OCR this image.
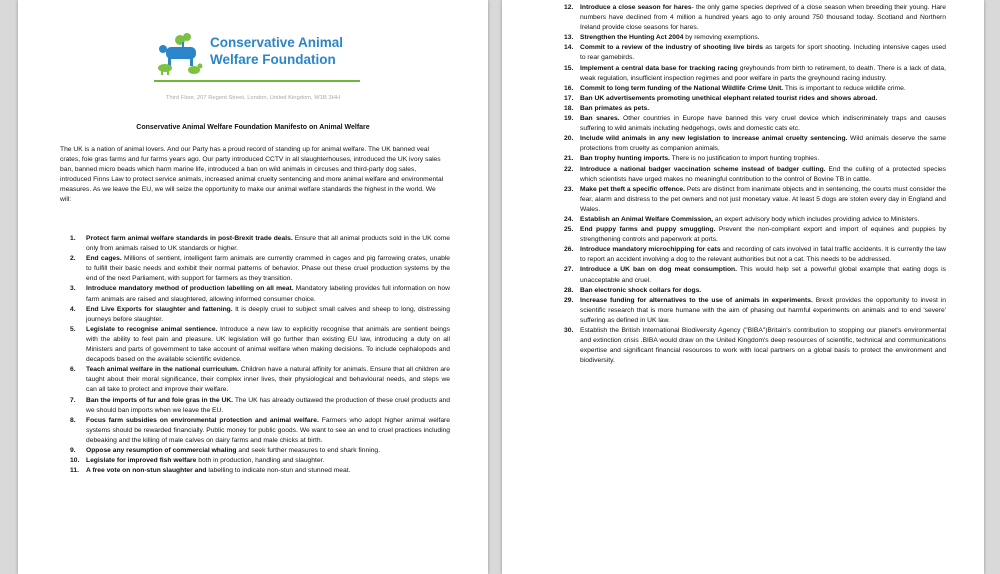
Conservative Animal
Welfare Foundation
Third Floor, 207 Regent Street, London, United Kingdom, W1B 3HH
Conservative Animal Welfare Foundation Manifesto on Animal Welfare
The UK is a nation of animal lovers. And our Party has a proud record of standing up for animal welfare. The UK banned veal crates, foie gras farms and fur farms years ago. Our party introduced CCTV in all slaughterhouses, introduced the UK ivory sales ban, banned micro beads which harm marine life, introduced a ban on wild animals in circuses and third-party dog sales, introduced Finns Law to protect service animals, increased animal cruelty sentencing and more animal welfare and environmental measures. As we leave the EU, we will seize the opportunity to make our animal welfare standards the highest in the world. We will:
1. Protect farm animal welfare standards in post-Brexit trade deals. Ensure that all animal products sold in the UK come only from animals raised to UK standards or higher.
2. End cages. Millions of sentient, intelligent farm animals are currently crammed in cages and pig farrowing crates, unable to fulfill their basic needs and exhibit their normal patterns of behavior. Phase out these cruel production systems by the end of the next Parliament, with support for farmers as they transition.
3. Introduce mandatory method of production labelling on all meat. Mandatory labeling provides full information on how farm animals are raised and slaughtered, allowing informed consumer choice.
4. End Live Exports for slaughter and fattening. It is deeply cruel to subject small calves and sheep to long, distressing journeys before slaughter.
5. Legislate to recognise animal sentience. Introduce a new law to explicitly recognise that animals are sentient beings with the ability to feel pain and pleasure. UK legislation will go further than existing EU law, introducing a duty on all Ministers and parts of government to take account of animal welfare when making decisions. To include cephalopods and decapods based on the available scientific evidence.
6. Teach animal welfare in the national curriculum. Children have a natural affinity for animals. Ensure that all children are taught about their moral significance, their complex inner lives, their physiological and behavioural needs, and steps we can all take to protect and improve their welfare.
7. Ban the imports of fur and foie gras in the UK. The UK has already outlawed the production of these cruel products and we should ban imports when we leave the EU.
8. Focus farm subsidies on environmental protection and animal welfare. Farmers who adopt higher animal welfare systems should be rewarded financially. Public money for public goods. We want to see an end to cruel practices including debeaking and the killing of male calves on dairy farms and male chicks at birth.
9. Oppose any resumption of commercial whaling and seek further measures to end shark finning.
10. Legislate for improved fish welfare both in production, handling and slaughter.
11. A free vote on non-stun slaughter and labelling to indicate non-stun and stunned meat.
12. Introduce a close season for hares- the only game species deprived of a close season when breeding their young. Hare numbers have declined from 4 million a hundred years ago to only around 750 thousand today. Scotland and Northern Ireland provide close seasons for hares.
13. Strengthen the Hunting Act 2004 by removing exemptions.
14. Commit to a review of the industry of shooting live birds as targets for sport shooting. Including intensive cages used to rear gamebirds.
15. Implement a central data base for tracking racing greyhounds from birth to retirement, to death. There is a lack of data, weak regulation, insufficient inspection regimes and poor welfare in parts the greyhound racing industry.
16. Commit to long term funding of the National Wildlife Crime Unit. This is important to reduce wildlife crime.
17. Ban UK advertisements promoting unethical elephant related tourist rides and shows abroad.
18. Ban primates as pets.
19. Ban snares. Other countries in Europe have banned this very cruel device which indiscriminately traps and causes suffering to wild animals including hedgehogs, owls and domestic cats etc.
20. Include wild animals in any new legislation to increase animal cruelty sentencing. Wild animals deserve the same protections from cruelty as companion animals.
21. Ban trophy hunting imports. There is no justification to import hunting trophies.
22. Introduce a national badger vaccination scheme instead of badger culling. End the culling of a protected species which scientists have urged makes no meaningful contribution to the control of Bovine TB in cattle.
23. Make pet theft a specific offence. Pets are distinct from inanimate objects and in sentencing, the courts must consider the fear, alarm and distress to the pet owners and not just monetary value. At least 5 dogs are stolen every day in England and Wales.
24. Establish an Animal Welfare Commission, an expert advisory body which includes providing advice to Ministers.
25. End puppy farms and puppy smuggling. Prevent the non-compliant export and import of equines and puppies by strengthening controls and paperwork at ports.
26. Introduce mandatory microchipping for cats and recording of cats involved in fatal traffic accidents. It is currently the law to report an accident involving a dog to the relevant authorities but not a cat. This needs to be addressed.
27. Introduce a UK ban on dog meat consumption. This would help set a powerful global example that eating dogs is unacceptable and cruel.
28. Ban electronic shock collars for dogs.
29. Increase funding for alternatives to the use of animals in experiments. Brexit provides the opportunity to invest in scientific research that is more humane with the aim of phasing out harmful experiments on animals and to end 'severe' suffering as defined in UK law.
30. Establish the British International Biodiversity Agency ("BIBA")Britain's contribution to stopping our planet's environmental and extinction crisis .BIBA would draw on the United Kingdom's deep resources of scientific, technical and communications expertise and significant financial resources to work with local partners on a global basis to protect the environment and biodiversity.
